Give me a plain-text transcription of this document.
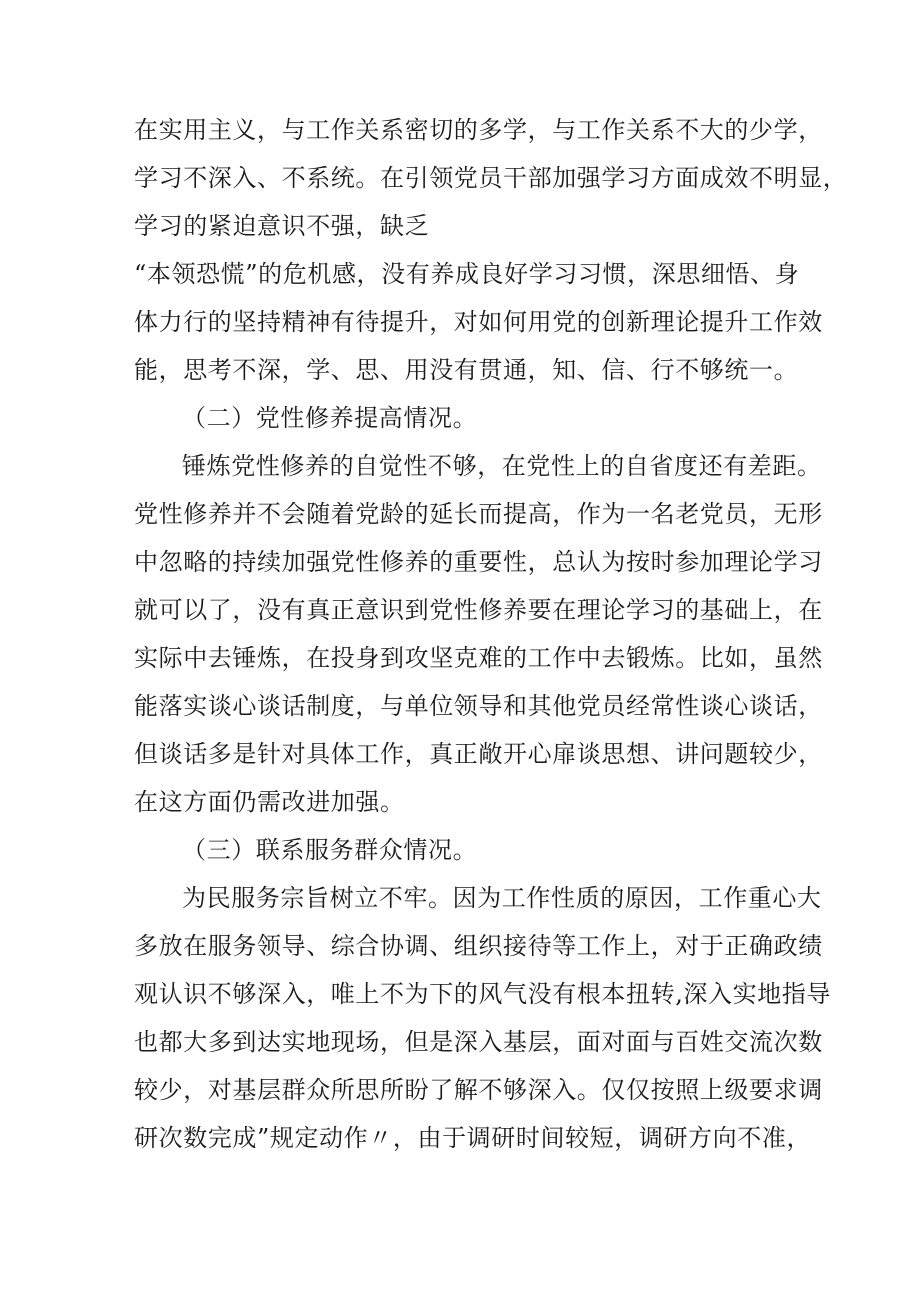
在实用主义，与工作关系密切的多学，与工作关系不大的少学，
学习不深入、不系统。在引领党员干部加强学习方面成效不明显，
学习的紧迫意识不强，缺乏
“本领恐慌”的危机感，没有养成良好学习习惯，深思细悟、身
体力行的坚持精神有待提升，对如何用党的创新理论提升工作效
能，思考不深，学、思、用没有贯通，知、信、行不够统一。
（二）党性修养提高情况。
锤炼党性修养的自觉性不够，在党性上的自省度还有差距。
党性修养并不会随着党龄的延长而提高，作为一名老党员，无形
中忽略的持续加强党性修养的重要性，总认为按时参加理论学习
就可以了，没有真正意识到党性修养要在理论学习的基础上，在
实际中去锤炼，在投身到攻坚克难的工作中去锻炼。比如，虽然
能落实谈心谈话制度，与单位领导和其他党员经常性谈心谈话，
但谈话多是针对具体工作，真正敞开心扉谈思想、讲问题较少，
在这方面仍需改进加强。
（三）联系服务群众情况。
为民服务宗旨树立不牢。因为工作性质的原因，工作重心大
多放在服务领导、综合协调、组织接待等工作上，对于正确政绩
观认识不够深入，唯上不为下的风气没有根本扭转,深入实地指导
也都大多到达实地现场，但是深入基层，面对面与百姓交流次数
较少，对基层群众所思所盼了解不够深入。仅仅按照上级要求调
研次数完成”规定动作〃，由于调研时间较短，调研方向不准，
